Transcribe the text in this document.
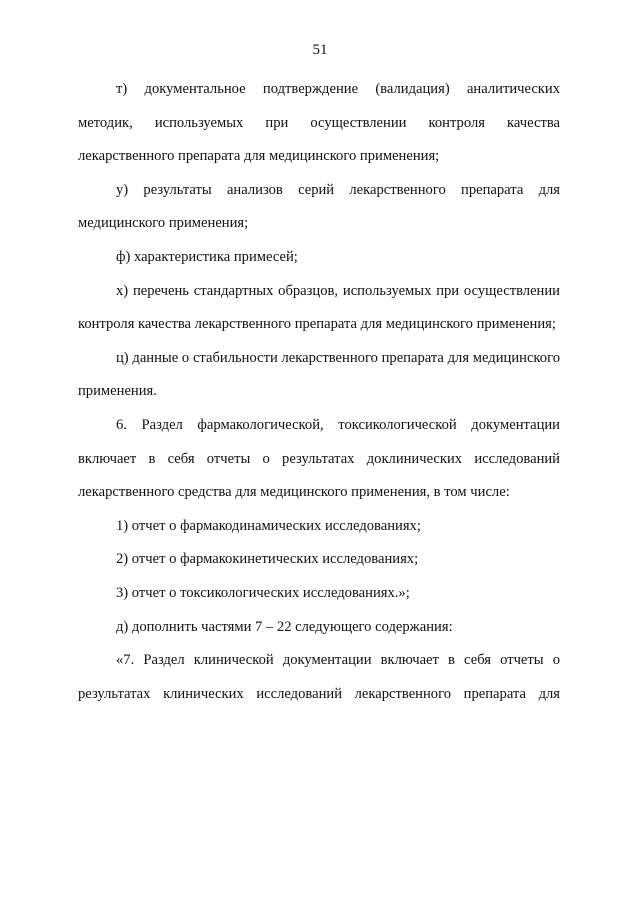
51

т) документальное подтверждение (валидация) аналитических методик, используемых при осуществлении контроля качества лекарственного препарата для медицинского применения;

у) результаты анализов серий лекарственного препарата для медицинского применения;

ф) характеристика примесей;

х) перечень стандартных образцов, используемых при осуществлении контроля качества лекарственного препарата для медицинского применения;

ц) данные о стабильности лекарственного препарата для медицинского применения.

6. Раздел фармакологической, токсикологической документации включает в себя отчеты о результатах доклинических исследований лекарственного средства для медицинского применения, в том числе:

1) отчет о фармакодинамических исследованиях;

2) отчет о фармакокинетических исследованиях;

3) отчет о токсикологических исследованиях.»;

д) дополнить частями 7 – 22 следующего содержания:

«7. Раздел клинической документации включает в себя отчеты о результатах клинических исследований лекарственного препарата для
